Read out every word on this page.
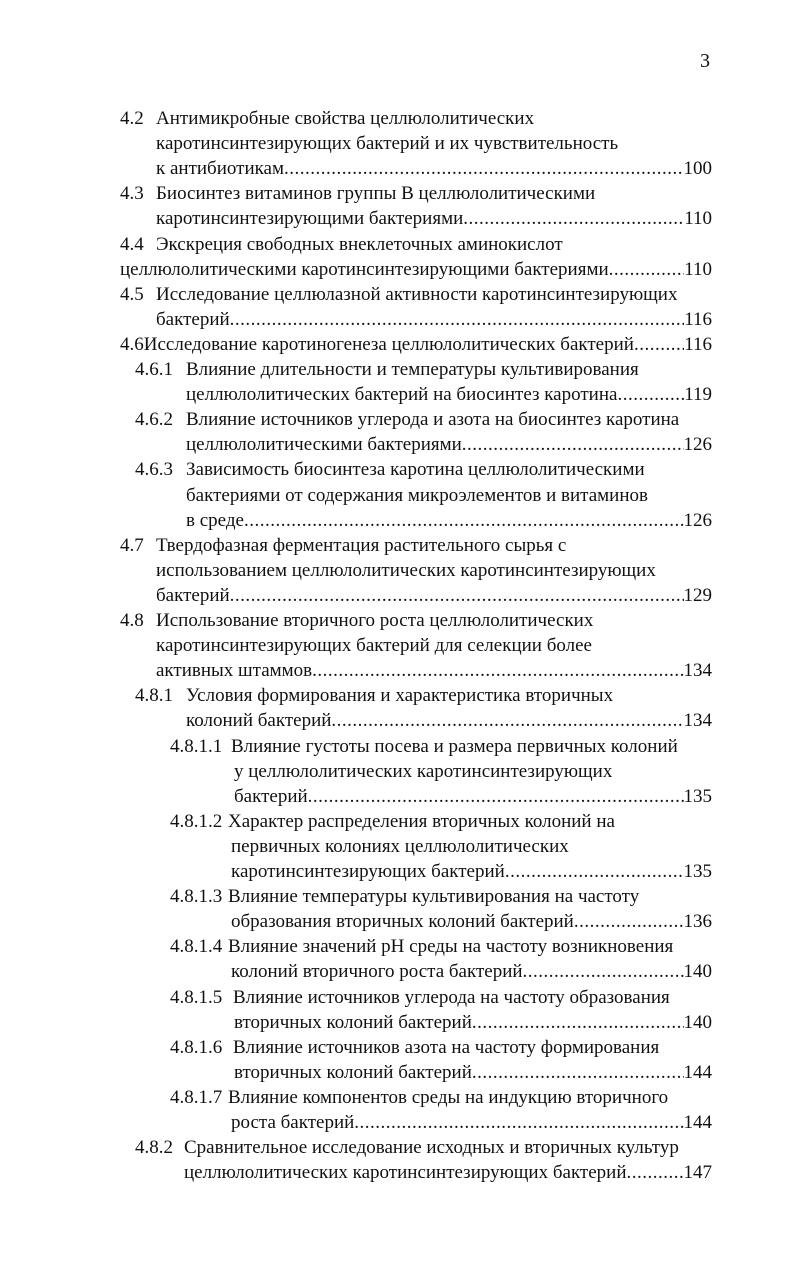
3
4.2 Антимикробные свойства целлюлолитических
каротинсинтезирующих бактерий и их чувствительность
к антибиотикам .....	100
4.3 Биосинтез витаминов группы В целлюлолитическими
каротинсинтезирующими бактериями .....	110
4.4 Экскреция свободных внеклеточных аминокислот
целлюлолитическими каротинсинтезирующими бактериями .....	110
4.5 Исследование целлюлазной активности каротинсинтезирующих
бактерий .....	116
4.6 Исследование каротиногенеза целлюлолитических бактерий .....	116
4.6.1 Влияние длительности и температуры культивирования
целлюлолитических бактерий на биосинтез каротина .....	119
4.6.2 Влияние источников углерода и азота на биосинтез каротина
целлюлолитическими бактериями .....	126
4.6.3 Зависимость биосинтеза каротина целлюлолитическими
бактериями от содержания микроэлементов и витаминов
в среде .....	126
4.7 Твердофазная ферментация растительного сырья с
использованием целлюлолитических каротинсинтезирующих
бактерий .....	129
4.8 Использование вторичного роста целлюлолитических
каротинсинтезирующих бактерий для селекции более
активных штаммов .....	134
4.8.1 Условия формирования и характеристика вторичных
колоний бактерий .....	134
4.8.1.1 Влияние густоты посева и размера первичных колоний
у целлюлолитических каротинсинтезирующих
бактерий .....	135
4.8.1.2 Характер распределения вторичных колоний на
первичных колониях целлюлолитических
каротинсинтезирующих бактерий .....	135
4.8.1.3 Влияние температуры культивирования на частоту
образования вторичных колоний бактерий .....	136
4.8.1.4 Влияние значений pH среды на частоту возникновения
колоний вторичного роста бактерий .....	140
4.8.1.5 Влияние источников углерода на частоту образования
вторичных колоний бактерий .....	140
4.8.1.6 Влияние источников азота на частоту формирования
вторичных колоний бактерий .....	144
4.8.1.7 Влияние компонентов среды на индукцию вторичного
роста бактерий .....	144
4.8.2 Сравнительное исследование исходных и вторичных культур
целлюлолитических каротинсинтезирующих бактерий .....	147
